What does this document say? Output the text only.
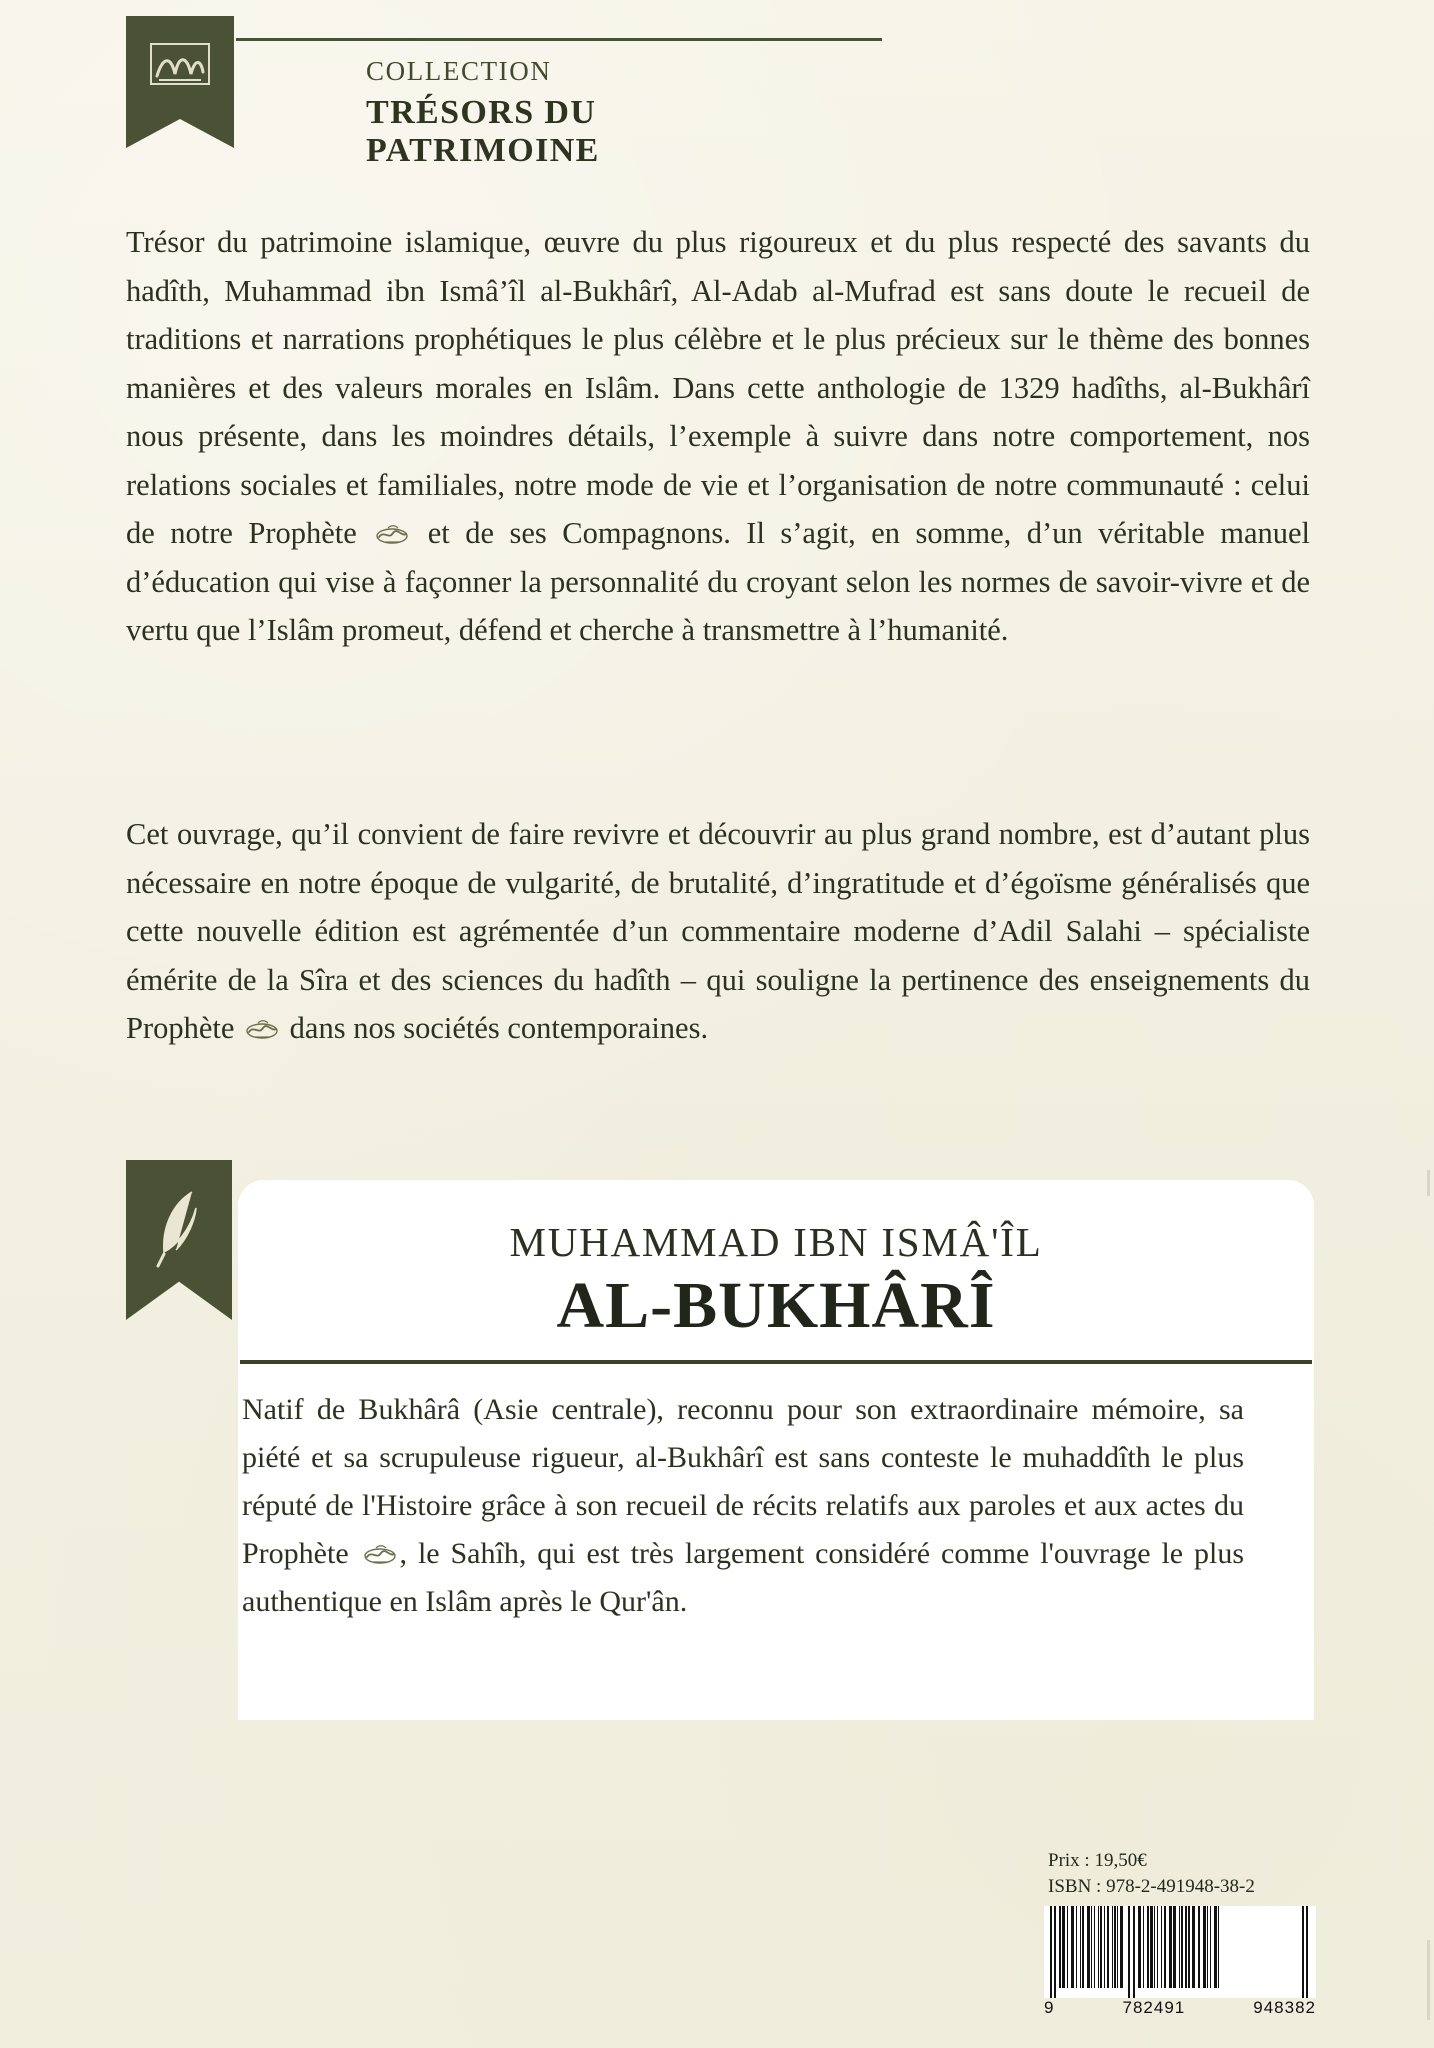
COLLECTION
TRÉSORS DU PATRIMOINE

Trésor du patrimoine islamique, œuvre du plus rigoureux et du plus respecté des savants du hadîth, Muhammad ibn Ismâ’îl al-Bukhârî, Al-Adab al-Mufrad est sans doute le recueil de traditions et narrations prophétiques le plus célèbre et le plus précieux sur le thème des bonnes manières et des valeurs morales en Islâm. Dans cette anthologie de 1329 hadîths, al-Bukhârî nous présente, dans les moindres détails, l’exemple à suivre dans notre comportement, nos relations sociales et familiales, notre mode de vie et l’organisation de notre communauté : celui de notre Prophète et de ses Compagnons. Il s’agit, en somme, d’un véritable manuel d’éducation qui vise à façonner la personnalité du croyant selon les normes de savoir-vivre et de vertu que l’Islâm promeut, défend et cherche à transmettre à l’humanité.

Cet ouvrage, qu’il convient de faire revivre et découvrir au plus grand nombre, est d’autant plus nécessaire en notre époque de vulgarité, de brutalité, d’ingratitude et d’égoïsme généralisés que cette nouvelle édition est agrémentée d’un commentaire moderne d’Adil Salahi – spécialiste émérite de la Sîra et des sciences du hadîth – qui souligne la pertinence des enseignements du Prophète dans nos sociétés contemporaines.

MUHAMMAD IBN ISMÂ'ÎL
AL-BUKHÂRÎ

Natif de Bukhârâ (Asie centrale), reconnu pour son extraordinaire mémoire, sa piété et sa scrupuleuse rigueur, al-Bukhârî est sans conteste le muhaddîth le plus réputé de l'Histoire grâce à son recueil de récits relatifs aux paroles et aux actes du Prophète , le Sahîh, qui est très largement considéré comme l'ouvrage le plus authentique en Islâm après le Qur'ân.

Prix : 19,50€
ISBN : 978-2-491948-38-2
9	782491	948382
